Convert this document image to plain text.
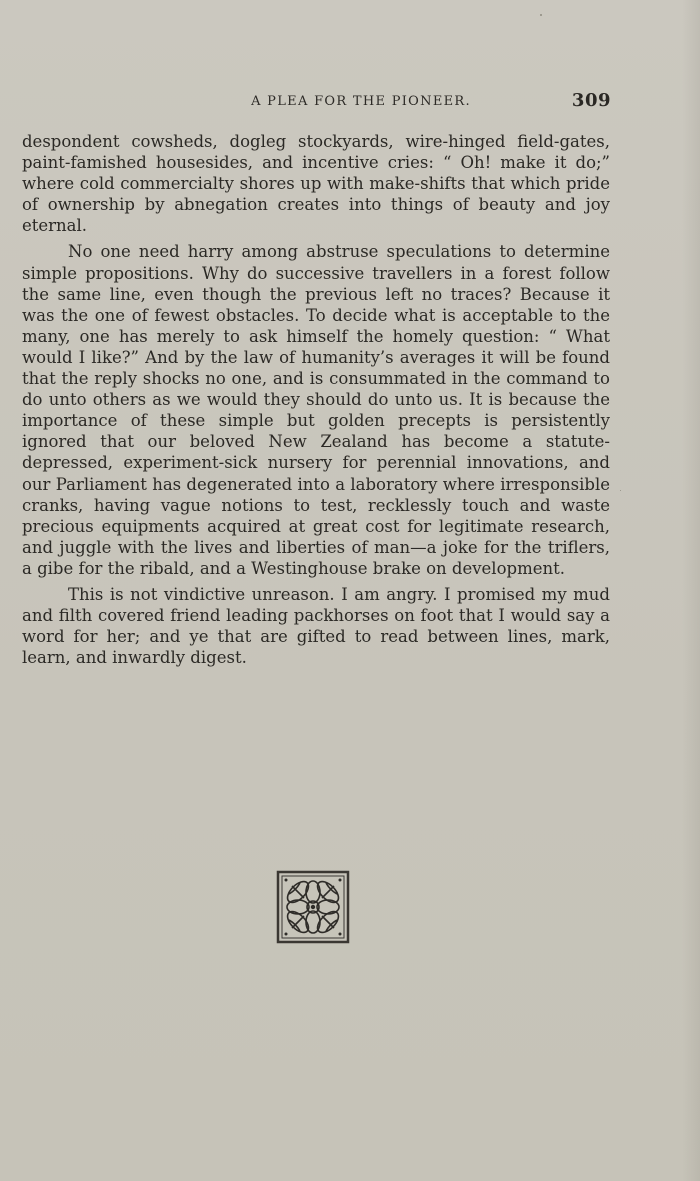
A PLEA FOR THE PIONEER.	309

despondent cowsheds, dogleg stockyards, wire-hinged field-gates, paint-famished housesides, and incentive cries: “ Oh! make it do;” where cold commercialty shores up with make-shifts that which pride of ownership by abnegation creates into things of beauty and joy eternal.

No one need harry among abstruse speculations to determine simple propositions. Why do successive travellers in a forest follow the same line, even though the previous left no traces? Because it was the one of fewest obstacles. To decide what is acceptable to the many, one has merely to ask himself the homely question: “ What would I like?” And by the law of humanity’s averages it will be found that the reply shocks no one, and is consummated in the command to do unto others as we would they should do unto us. It is because the importance of these simple but golden precepts is persistently ignored that our beloved New Zealand has become a statute-depressed, experiment-sick nursery for perennial innovations, and our Parliament has degenerated into a laboratory where irresponsible cranks, having vague notions to test, recklessly touch and waste precious equipments acquired at great cost for legitimate research, and juggle with the lives and liberties of man—a joke for the triflers, a gibe for the ribald, and a Westinghouse brake on development.

This is not vindictive unreason. I am angry. I promised my mud and filth covered friend leading packhorses on foot that I would say a word for her; and ye that are gifted to read between lines, mark, learn, and inwardly digest.
